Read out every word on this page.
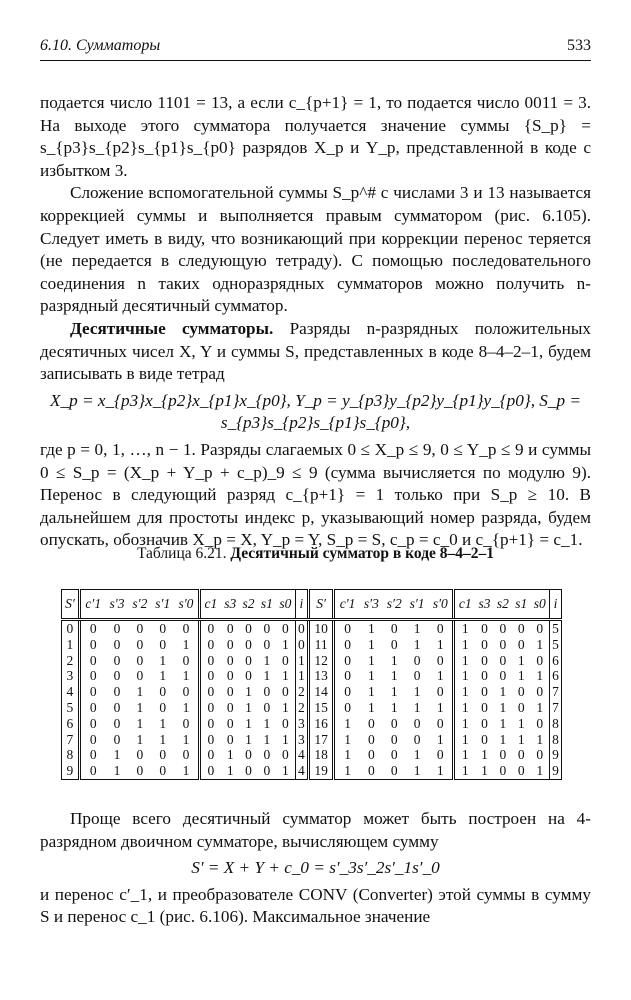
6.10. Сумматоры	533

подается число 1101 = 13, а если c_{p+1} = 1, то подается число 0011 = 3. На выходе этого сумматора получается значение суммы {S_p} = s_{p3}s_{p2}s_{p1}s_{p0} разрядов X_p и Y_p, представленной в коде с избытком 3.

Сложение вспомогательной суммы S_p^# с числами 3 и 13 называется коррекцией суммы и выполняется правым сумматором (рис. 6.105). Следует иметь в виду, что возникающий при коррекции перенос теряется (не передается в следующую тетраду). С помощью последовательного соединения n таких одноразрядных сумматоров можно получить n-разрядный десятичный сумматор.

Десятичные сумматоры. Разряды n-разрядных положительных десятичных чисел X, Y и суммы S, представленных в коде 8–4–2–1, будем записывать в виде тетрад

X_p = x_{p3}x_{p2}x_{p1}x_{p0}, Y_p = y_{p3}y_{p2}y_{p1}y_{p0}, S_p = s_{p3}s_{p2}s_{p1}s_{p0},

где p = 0, 1, …, n − 1. Разряды слагаемых 0 ≤ X_p ≤ 9, 0 ≤ Y_p ≤ 9 и суммы 0 ≤ S_p = (X_p + Y_p + c_p)_9 ≤ 9 (сумма вычисляется по модулю 9). Перенос в следующий разряд c_{p+1} = 1 только при S_p ≥ 10. В дальнейшем для простоты индекс p, указывающий номер разряда, будем опускать, обозначив X_p = X, Y_p = Y, S_p = S, c_p = c_0 и c_{p+1} = c_1.

Таблица 6.21. Десятичный сумматор в коде 8–4–2–1
S′	c′1	s′3	s′2	s′1	s′0	c1	s3	s2	s1	s0	i	S′	c′1	s′3	s′2	s′1	s′0	c1	s3	s2	s1	s0	i
0	0	0	0	0	0	0	0	0	0	0	0	10	0	1	0	1	0	1	0	0	0	0	5
1	0	0	0	0	1	0	0	0	0	1	0	11	0	1	0	1	1	1	0	0	0	1	5
2	0	0	0	1	0	0	0	0	1	0	1	12	0	1	1	0	0	1	0	0	1	0	6
3	0	0	0	1	1	0	0	0	1	1	1	13	0	1	1	0	1	1	0	0	1	1	6
4	0	0	1	0	0	0	0	1	0	0	2	14	0	1	1	1	0	1	0	1	0	0	7
5	0	0	1	0	1	0	0	1	0	1	2	15	0	1	1	1	1	1	0	1	0	1	7
6	0	0	1	1	0	0	0	1	1	0	3	16	1	0	0	0	0	1	0	1	1	0	8
7	0	0	1	1	1	0	0	1	1	1	3	17	1	0	0	0	1	1	0	1	1	1	8
8	0	1	0	0	0	0	1	0	0	0	4	18	1	0	0	1	0	1	1	0	0	0	9
9	0	1	0	0	1	0	1	0	0	1	4	19	1	0	0	1	1	1	1	0	0	1	9

Проще всего десятичный сумматор может быть построен на 4-разрядном двоичном сумматоре, вычисляющем сумму

S′ = X + Y + c_0 = s′_3s′_2s′_1s′_0

и перенос c′_1, и преобразователе CONV (Converter) этой суммы в сумму S и перенос c_1 (рис. 6.106). Максимальное значение
